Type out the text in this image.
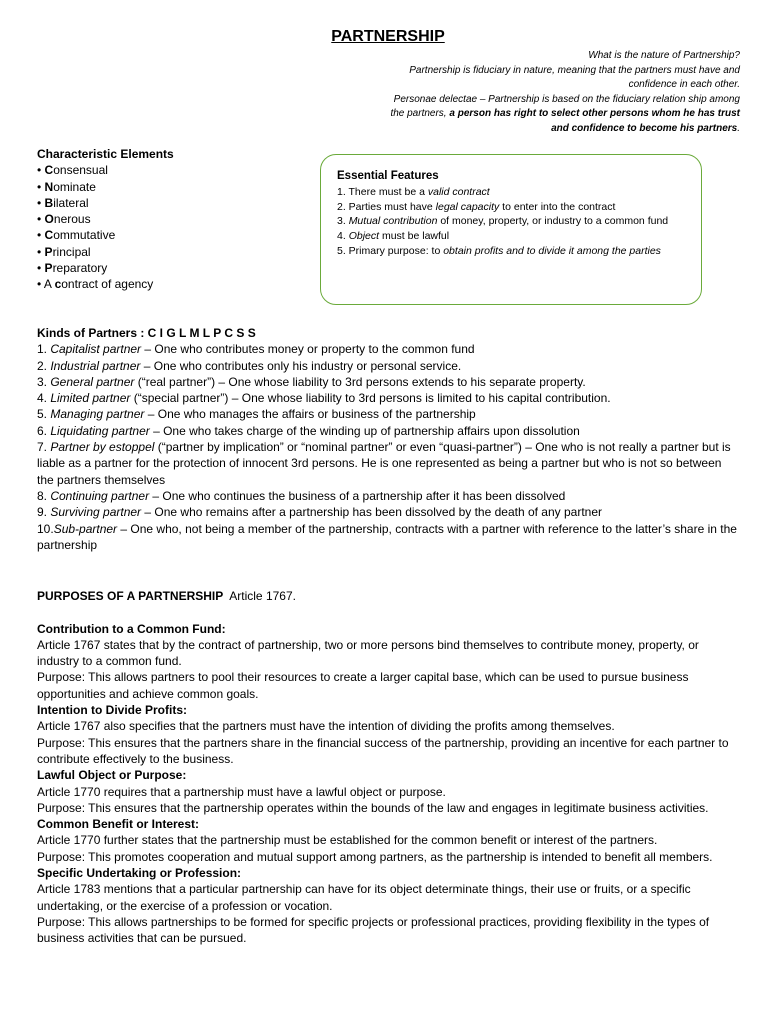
PARTNERSHIP

What is the nature of Partnership?

Partnership is fiduciary in nature, meaning that the partners must have and confidence in each other.

Personae delectae – Partnership is based on the fiduciary relation ship among the partners, a person has right to select other persons whom he has trust and confidence to become his partners.

Characteristic Elements
• Consensual
• Nominate
• Bilateral
• Onerous
• Commutative
• Principal
• Preparatory
• A contract of agency
Essential Features
1. There must be a valid contract
2. Parties must have legal capacity to enter into the contract
3. Mutual contribution of money, property, or industry to a common fund
4. Object must be lawful
5. Primary purpose: to obtain profits and to divide it among the parties
Kinds of Partners : C I G L M L P C S S
1. Capitalist partner – One who contributes money or property to the common fund
2. Industrial partner – One who contributes only his industry or personal service.
3. General partner (“real partner”) – One whose liability to 3rd persons extends to his separate property.
4. Limited partner (“special partner”) – One whose liability to 3rd persons is limited to his capital contribution.
5. Managing partner – One who manages the affairs or business of the partnership
6. Liquidating partner – One who takes charge of the winding up of partnership affairs upon dissolution
7. Partner by estoppel (“partner by implication” or “nominal partner” or even “quasi-partner”) – One who is not really a partner but is liable as a partner for the protection of innocent 3rd persons. He is one represented as being a partner but who is not so between the partners themselves
8. Continuing partner – One who continues the business of a partnership after it has been dissolved
9. Surviving partner – One who remains after a partnership has been dissolved by the death of any partner
10.Sub-partner – One who, not being a member of the partnership, contracts with a partner with reference to the latter’s share in the partnership
PURPOSES OF A PARTNERSHIP Article 1767.
Contribution to a Common Fund:

Article 1767 states that by the contract of partnership, two or more persons bind themselves to contribute money, property, or industry to a common fund.

Purpose: This allows partners to pool their resources to create a larger capital base, which can be used to pursue business opportunities and achieve common goals.

Intention to Divide Profits:

Article 1767 also specifies that the partners must have the intention of dividing the profits among themselves.

Purpose: This ensures that the partners share in the financial success of the partnership, providing an incentive for each partner to contribute effectively to the business.

Lawful Object or Purpose:

Article 1770 requires that a partnership must have a lawful object or purpose.

Purpose: This ensures that the partnership operates within the bounds of the law and engages in legitimate business activities.

Common Benefit or Interest:

Article 1770 further states that the partnership must be established for the common benefit or interest of the partners.

Purpose: This promotes cooperation and mutual support among partners, as the partnership is intended to benefit all members.

Specific Undertaking or Profession:

Article 1783 mentions that a particular partnership can have for its object determinate things, their use or fruits, or a specific undertaking, or the exercise of a profession or vocation.

Purpose: This allows partnerships to be formed for specific projects or professional practices, providing flexibility in the types of business activities that can be pursued.
